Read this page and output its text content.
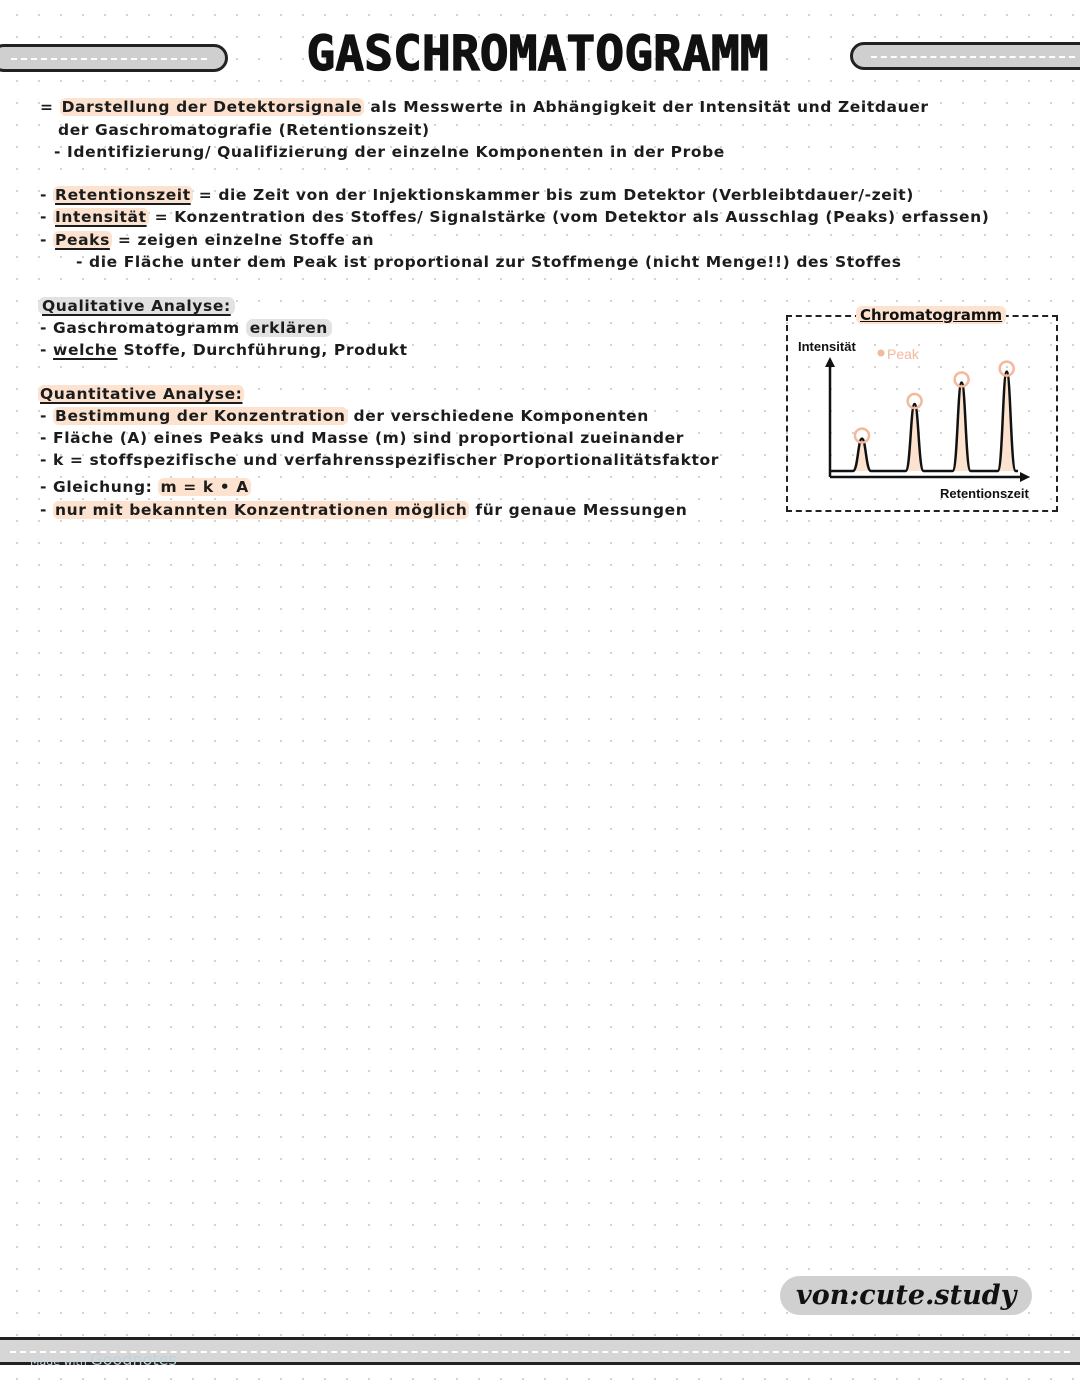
GASCHROMATOGRAMM
= Darstellung der Detektorsignale als Messwerte in Abhängigkeit der Intensität und Zeitdauer
der Gaschromatografie (Retentionszeit)
- Identifizierung/ Qualifizierung der einzelne Komponenten in der Probe
- Retentionszeit = die Zeit von der Injektionskammer bis zum Detektor (Verbleibtdauer/-zeit)
- Intensität = Konzentration des Stoffes/ Signalstärke (vom Detektor als Ausschlag (Peaks) erfassen)
- Peaks = zeigen einzelne Stoffe an
- die Fläche unter dem Peak ist proportional zur Stoffmenge (nicht Menge!!) des Stoffes
Qualitative Analyse:
- Gaschromatogramm erklären
- welche Stoffe, Durchführung, Produkt
Quantitative Analyse:
- Bestimmung der Konzentration der verschiedene Komponenten
- Fläche (A) eines Peaks und Masse (m) sind proportional zueinander
- k = stoffspezifische und verfahrensspezifischer Proportionalitätsfaktor
- Gleichung: m = k • A
- nur mit bekannten Konzentrationen möglich für genaue Messungen
Chromatogramm
Intensität Peak
Retentionszeit
von:cute.study
Made with Goodnotes
